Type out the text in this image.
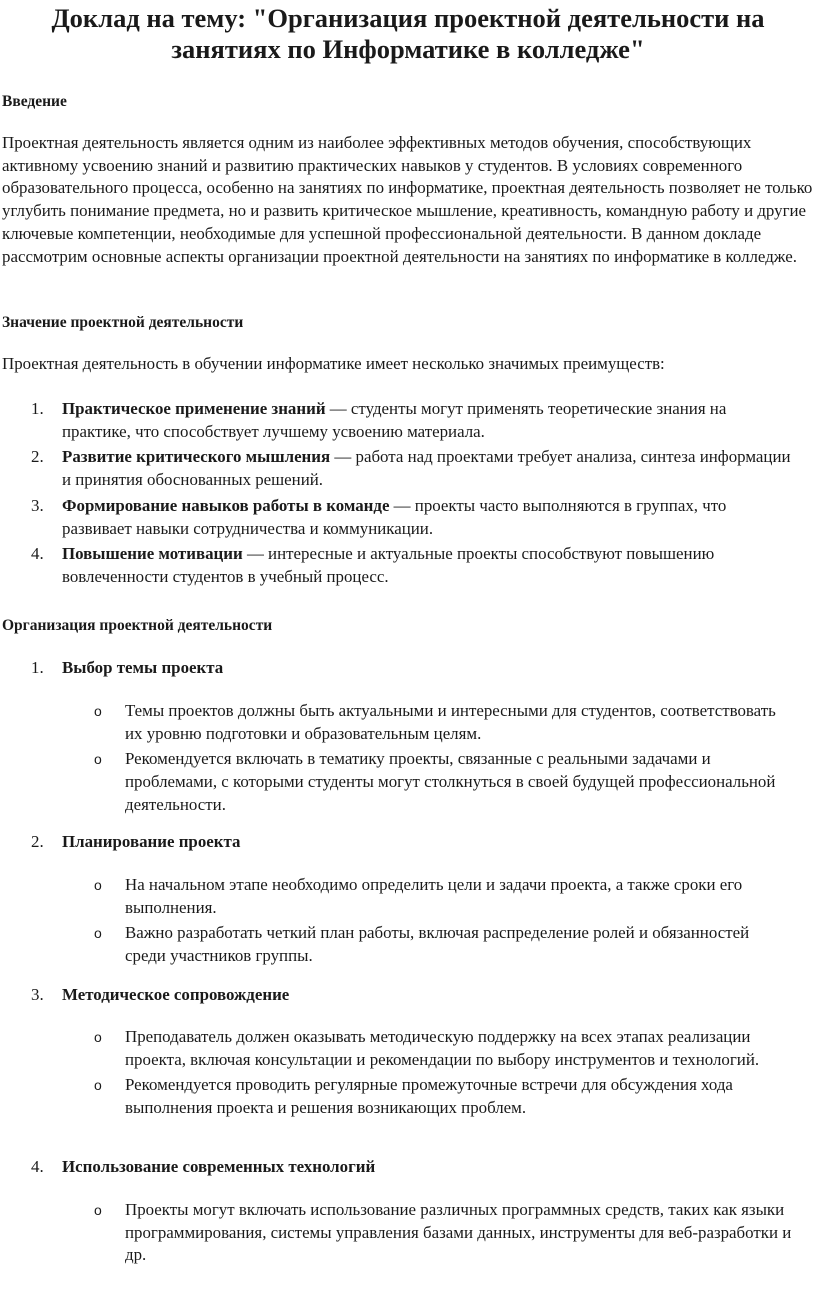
Доклад на тему: "Организация проектной деятельности на занятиях по Информатике в колледже"
Введение

Проектная деятельность является одним из наиболее эффективных методов обучения, способствующих активному усвоению знаний и развитию практических навыков у студентов. В условиях современного образовательного процесса, особенно на занятиях по информатике, проектная деятельность позволяет не только углубить понимание предмета, но и развить критическое мышление, креативность, командную работу и другие ключевые компетенции, необходимые для успешной профессиональной деятельности. В данном докладе рассмотрим основные аспекты организации проектной деятельности на занятиях по информатике в колледже.

Значение проектной деятельности

Проектная деятельность в обучении информатике имеет несколько значимых преимуществ:

1. Практическое применение знаний — студенты могут применять теоретические знания на практике, что способствует лучшему усвоению материала.
2. Развитие критического мышления — работа над проектами требует анализа, синтеза информации и принятия обоснованных решений.
3. Формирование навыков работы в команде — проекты часто выполняются в группах, что развивает навыки сотрудничества и коммуникации.
4. Повышение мотивации — интересные и актуальные проекты способствуют повышению вовлеченности студентов в учебный процесс.
Организация проектной деятельности
1. Выбор темы проекта
o Темы проектов должны быть актуальными и интересными для студентов, соответствовать их уровню подготовки и образовательным целям.
o Рекомендуется включать в тематику проекты, связанные с реальными задачами и проблемами, с которыми студенты могут столкнуться в своей будущей профессиональной деятельности.
2. Планирование проекта
o На начальном этапе необходимо определить цели и задачи проекта, а также сроки его выполнения.
o Важно разработать четкий план работы, включая распределение ролей и обязанностей среди участников группы.
3. Методическое сопровождение
o Преподаватель должен оказывать методическую поддержку на всех этапах реализации проекта, включая консультации и рекомендации по выбору инструментов и технологий.
o Рекомендуется проводить регулярные промежуточные встречи для обсуждения хода выполнения проекта и решения возникающих проблем.
4. Использование современных технологий
o Проекты могут включать использование различных программных средств, таких как языки программирования, системы управления базами данных, инструменты для веб-разработки и др.
